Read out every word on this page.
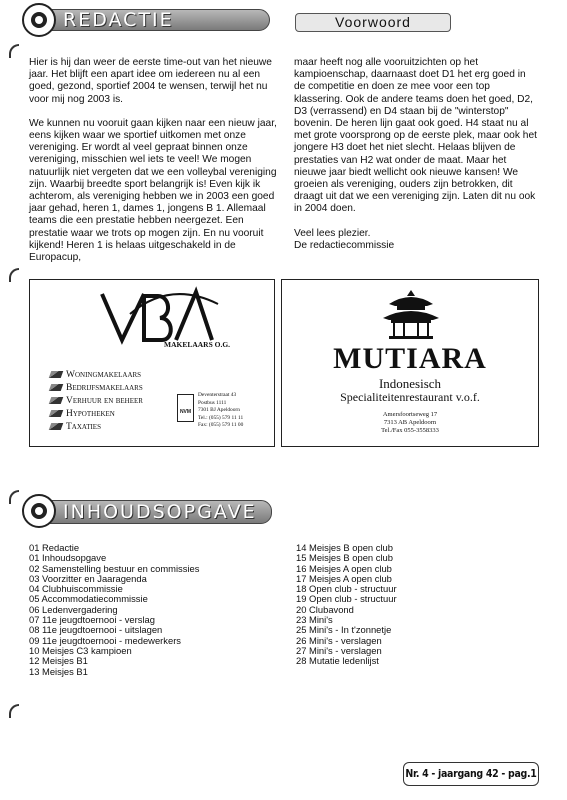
REDACTIE	Voorwoord

Hier is hij dan weer de eerste time-out van het nieuwe jaar. Het blijft een apart idee om iedereen nu al een goed, gezond, sportief 2004 te wensen, terwijl het nu voor mij nog 2003 is.

We kunnen nu vooruit gaan kijken naar een nieuw jaar, eens kijken waar we sportief uitkomen met onze vereniging. Er wordt al veel gepraat binnen onze vereniging, misschien wel iets te veel! We mogen natuurlijk niet vergeten dat we een volleybal vereniging zijn. Waarbij breedte sport belangrijk is! Even kijk ik achterom, als vereniging hebben we in 2003 een goed jaar gehad, heren 1, dames 1, jongens B 1. Allemaal teams die een prestatie hebben neergezet. Een prestatie waar we trots op mogen zijn. En nu vooruit kijkend! Heren 1 is helaas uitgeschakeld in de Europacup,

maar heeft nog alle vooruitzichten op het kampioenschap, daarnaast doet D1 het erg goed in de competitie en doen ze mee voor een top klassering. Ook de andere teams doen het goed, D2, D3 (verrassend) en D4 staan bij de "winterstop" bovenin. De heren lijn gaat ook goed. H4 staat nu al met grote voorsprong op de eerste plek, maar ook het jongere H3 doet het niet slecht. Helaas blijven de prestaties van H2 wat onder de maat. Maar het nieuwe jaar biedt wellicht ook nieuwe kansen! We groeien als vereniging, ouders zijn betrokken, dit draagt uit dat we een vereniging zijn. Laten dit nu ook in 2004 doen.

Veel lees plezier.
De redactiecommissie
MAKELAARS O.G.
Woningmakelaars
Bedrijfsmakelaars
Verhuur en beheer
Hypotheken
Taxaties
NVM
Deventerstraat 43
Postbus 1111
7301 BJ Apeldoorn
Tel.: (055) 579 11 11
Fax: (055) 579 11 00
MUTIARA
Indonesisch
Specialiteitenrestaurant v.o.f.
Amersfoortseweg 17
7313 AB Apeldoorn
Tel./Fax 055-3558333
INHOUDSOPGAVE
01 Redactie
01 Inhoudsopgave
02 Samenstelling bestuur en commissies
03 Voorzitter en Jaaragenda
04 Clubhuiscommissie
05 Accommodatiecommissie
06 Ledenvergadering
07 11e jeugdtoernooi - verslag
08 11e jeugdtoernooi - uitslagen
09 11e jeugdtoernooi - medewerkers
10 Meisjes C3 kampioen
12 Meisjes B1
13 Meisjes B1
14 Meisjes B open club
15 Meisjes B open club
16 Meisjes A open club
17 Meisjes A open club
18 Open club - structuur
19 Open club - structuur
20 Clubavond
23 Mini's
25 Mini's - In t'zonnetje
26 Mini's - verslagen
27 Mini's - verslagen
28 Mutatie ledenlijst
Nr. 4 - jaargang 42 - pag.1
